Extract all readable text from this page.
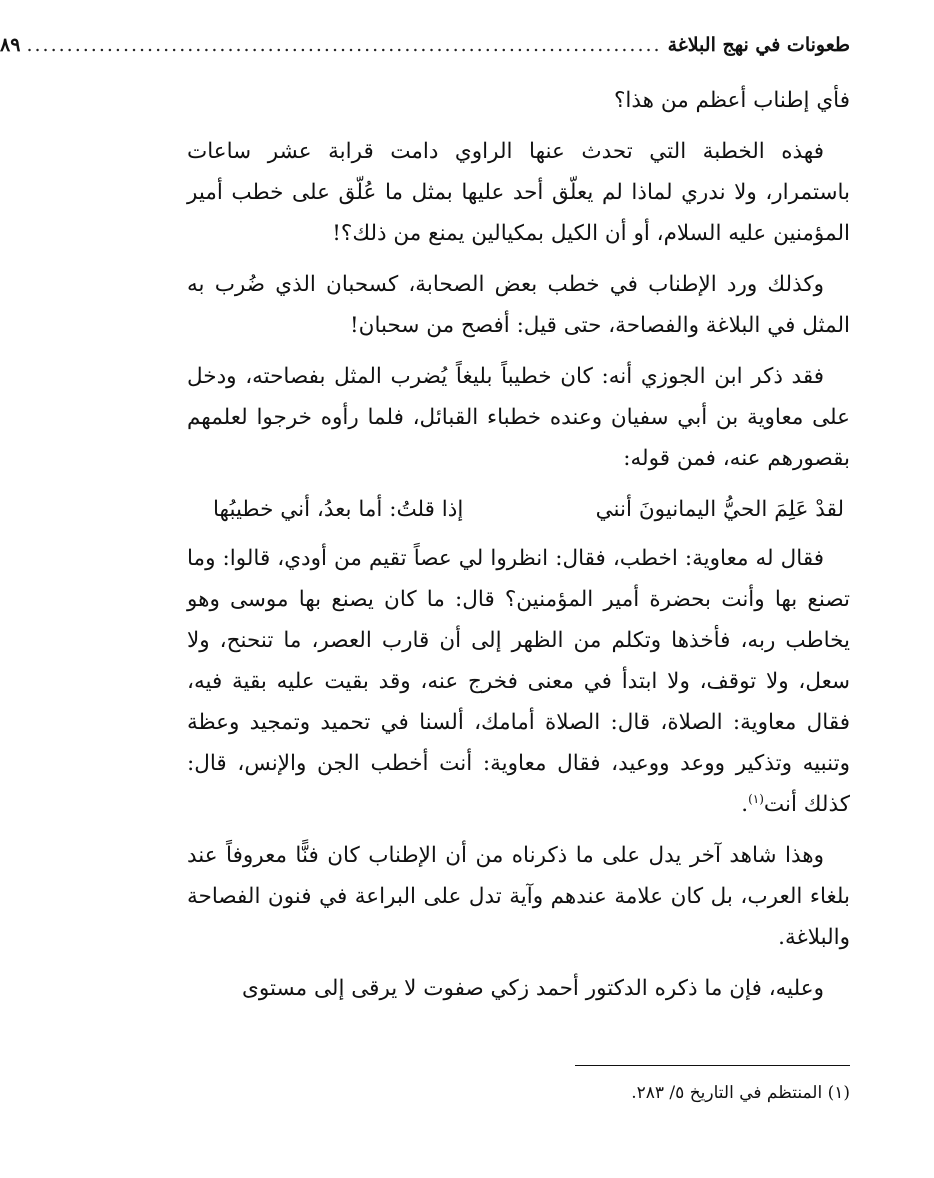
طعونات في نهج البلاغة
...............................................................................
٨٩

فأي إطناب أعظم من هذا؟

فهذه الخطبة التي تحدث عنها الراوي دامت قرابة عشر ساعات باستمرار، ولا ندري لماذا لم يعلّق أحد عليها بمثل ما عُلّق على خطب أمير المؤمنين عليه السلام، أو أن الكيل بمكيالين يمنع من ذلك؟!

وكذلك ورد الإطناب في خطب بعض الصحابة، كسحبان الذي ضُرب به المثل في البلاغة والفصاحة، حتى قيل: أفصح من سحبان!

فقد ذكر ابن الجوزي أنه: كان خطيباً بليغاً يُضرب المثل بفصاحته، ودخل على معاوية بن أبي سفيان وعنده خطباء القبائل، فلما رأوه خرجوا لعلمهم بقصورهم عنه، فمن قوله:

لقدْ عَلِمَ الحيُّ اليمانيونَ أنني
إذا قلتُ: أما بعدُ، أني خطيبُها

فقال له معاوية: اخطب، فقال: انظروا لي عصاً تقيم من أودي، قالوا: وما تصنع بها وأنت بحضرة أمير المؤمنين؟ قال: ما كان يصنع بها موسى وهو يخاطب ربه، فأخذها وتكلم من الظهر إلى أن قارب العصر، ما تنحنح، ولا سعل، ولا توقف، ولا ابتدأ في معنى فخرج عنه، وقد بقيت عليه بقية فيه، فقال معاوية: الصلاة، قال: الصلاة أمامك، ألسنا في تحميد وتمجيد وعظة وتنبيه وتذكير ووعد ووعيد، فقال معاوية: أنت أخطب الجن والإنس، قال: كذلك أنت$^{(١)}$.

وهذا شاهد آخر يدل على ما ذكرناه من أن الإطناب كان فنًّا معروفاً عند بلغاء العرب، بل كان علامة عندهم وآية تدل على البراعة في فنون الفصاحة والبلاغة.

وعليه، فإن ما ذكره الدكتور أحمد زكي صفوت لا يرقى إلى مستوى

(١) المنتظم في التاريخ ٥/ ٢٨٣.
